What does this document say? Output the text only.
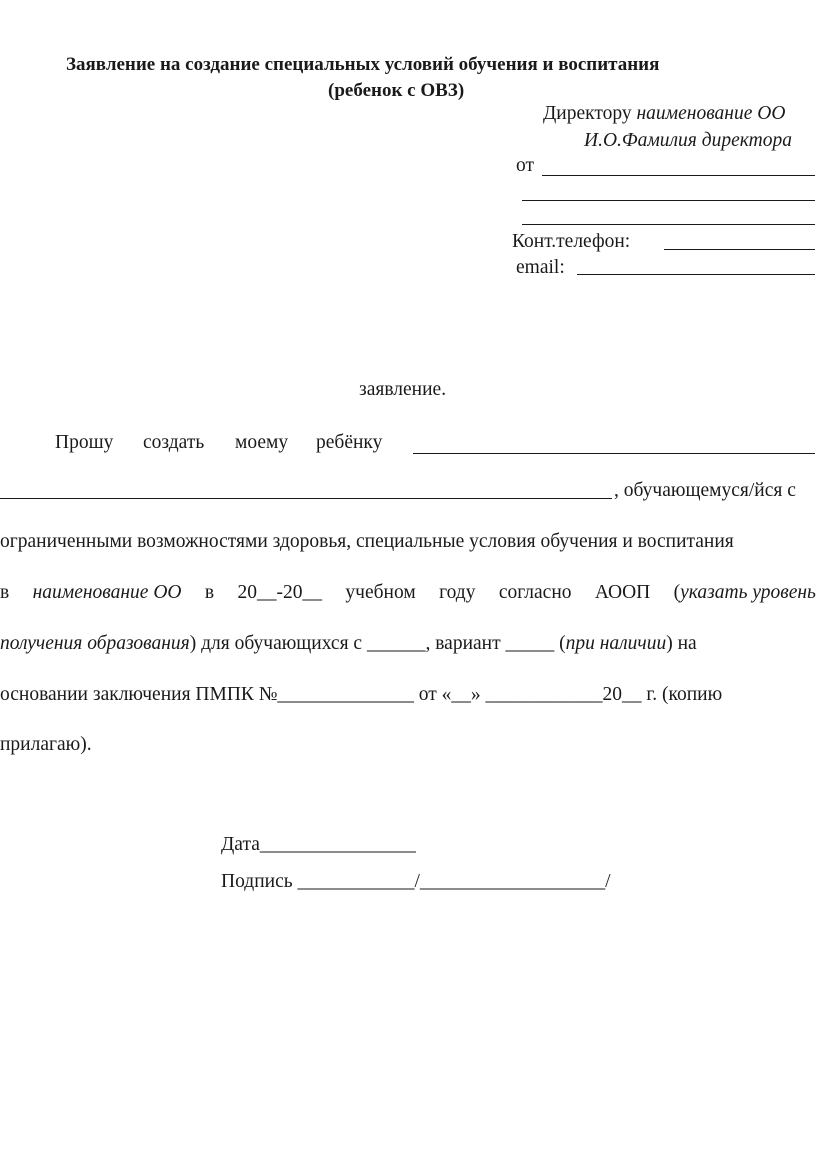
Заявление на создание специальных условий обучения и воспитания
(ребенок с ОВЗ)
Директору наименование ОО
И.О.Фамилия директора
от
Конт.телефон:
email:
заявление.
Прошу создать моему ребёнку
, обучающемуся/йся с
ограниченными возможностями здоровья, специальные условия обучения и воспитания
в наименование ОО в 20__-20__ учебном году согласно АООП (указать уровень
получения образования) для обучающихся с ______, вариант _____ (при наличии) на
основании заключения ПМПК №______________ от «__» ____________20__ г. (копию
прилагаю).
Дата________________
Подпись ____________/___________________/
